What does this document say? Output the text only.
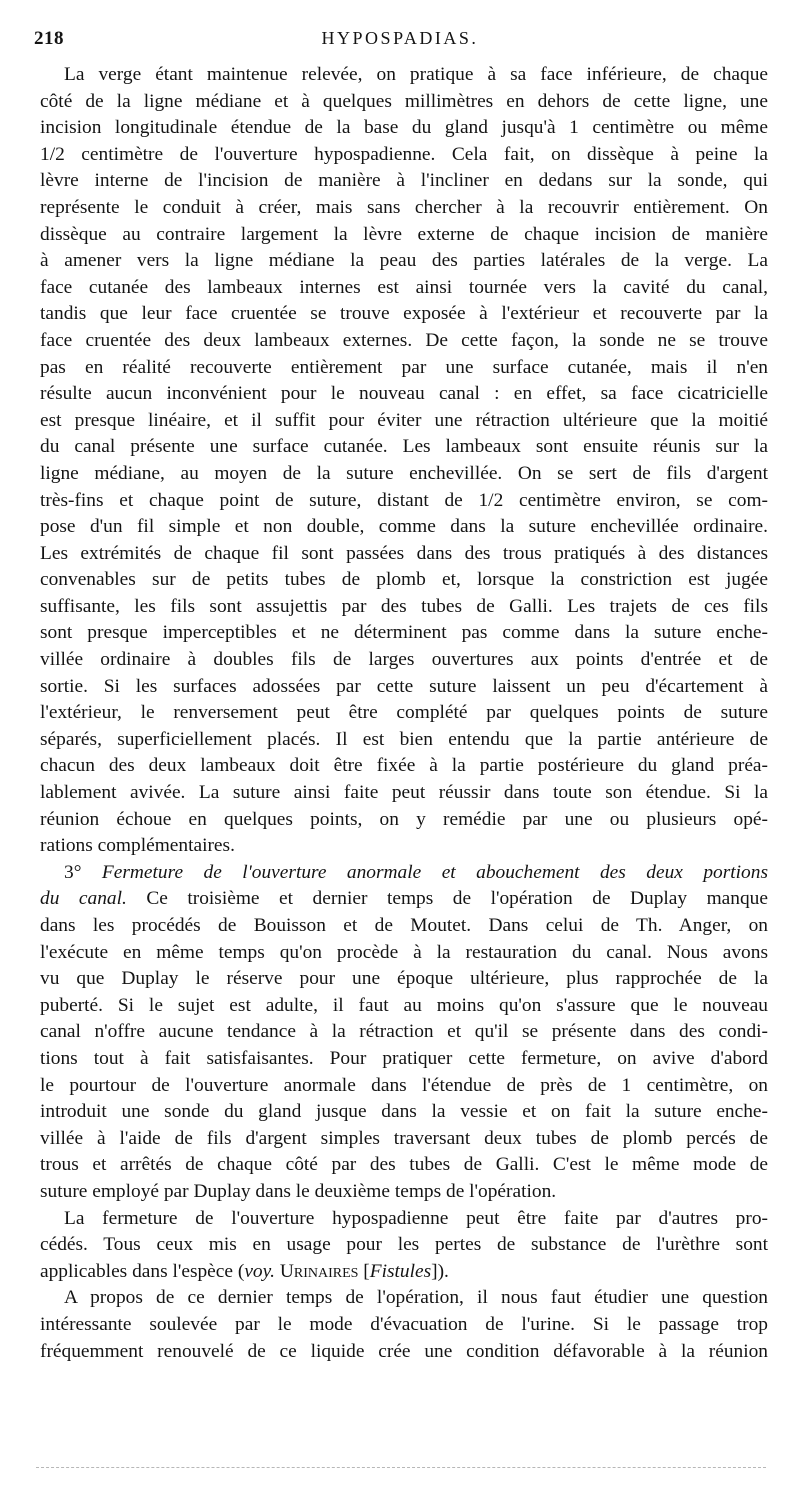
218	HYPOSPADIAS.
La verge étant maintenue relevée, on pratique à sa face inférieure, de chaque
côté de la ligne médiane et à quelques millimètres en dehors de cette ligne, une
incision longitudinale étendue de la base du gland jusqu'à 1 centimètre ou même
1/2 centimètre de l'ouverture hypospadienne. Cela fait, on dissèque à peine la
lèvre interne de l'incision de manière à l'incliner en dedans sur la sonde, qui
représente le conduit à créer, mais sans chercher à la recouvrir entièrement. On
dissèque au contraire largement la lèvre externe de chaque incision de manière
à amener vers la ligne médiane la peau des parties latérales de la verge. La
face cutanée des lambeaux internes est ainsi tournée vers la cavité du canal,
tandis que leur face cruentée se trouve exposée à l'extérieur et recouverte par la
face cruentée des deux lambeaux externes. De cette façon, la sonde ne se trouve
pas en réalité recouverte entièrement par une surface cutanée, mais il n'en
résulte aucun inconvénient pour le nouveau canal : en effet, sa face cicatricielle
est presque linéaire, et il suffit pour éviter une rétraction ultérieure que la moitié
du canal présente une surface cutanée. Les lambeaux sont ensuite réunis sur la
ligne médiane, au moyen de la suture enchevillée. On se sert de fils d'argent
très-fins et chaque point de suture, distant de 1/2 centimètre environ, se com-
pose d'un fil simple et non double, comme dans la suture enchevillée ordinaire.
Les extrémités de chaque fil sont passées dans des trous pratiqués à des distances
convenables sur de petits tubes de plomb et, lorsque la constriction est jugée
suffisante, les fils sont assujettis par des tubes de Galli. Les trajets de ces fils
sont presque imperceptibles et ne déterminent pas comme dans la suture enche-
villée ordinaire à doubles fils de larges ouvertures aux points d'entrée et de
sortie. Si les surfaces adossées par cette suture laissent un peu d'écartement à
l'extérieur, le renversement peut être complété par quelques points de suture
séparés, superficiellement placés. Il est bien entendu que la partie antérieure de
chacun des deux lambeaux doit être fixée à la partie postérieure du gland préa-
lablement avivée. La suture ainsi faite peut réussir dans toute son étendue. Si la
réunion échoue en quelques points, on y remédie par une ou plusieurs opé-
rations complémentaires.
3° Fermeture de l'ouverture anormale et abouchement des deux portions
du canal. Ce troisième et dernier temps de l'opération de Duplay manque
dans les procédés de Bouisson et de Moutet. Dans celui de Th. Anger, on
l'exécute en même temps qu'on procède à la restauration du canal. Nous avons
vu que Duplay le réserve pour une époque ultérieure, plus rapprochée de la
puberté. Si le sujet est adulte, il faut au moins qu'on s'assure que le nouveau
canal n'offre aucune tendance à la rétraction et qu'il se présente dans des condi-
tions tout à fait satisfaisantes. Pour pratiquer cette fermeture, on avive d'abord
le pourtour de l'ouverture anormale dans l'étendue de près de 1 centimètre, on
introduit une sonde du gland jusque dans la vessie et on fait la suture enche-
villée à l'aide de fils d'argent simples traversant deux tubes de plomb percés de
trous et arrêtés de chaque côté par des tubes de Galli. C'est le même mode de
suture employé par Duplay dans le deuxième temps de l'opération.
La fermeture de l'ouverture hypospadienne peut être faite par d'autres pro-
cédés. Tous ceux mis en usage pour les pertes de substance de l'urèthre sont
applicables dans l'espèce (voy. Urinaires [Fistules]).
A propos de ce dernier temps de l'opération, il nous faut étudier une question
intéressante soulevée par le mode d'évacuation de l'urine. Si le passage trop
fréquemment renouvelé de ce liquide crée une condition défavorable à la réunion
